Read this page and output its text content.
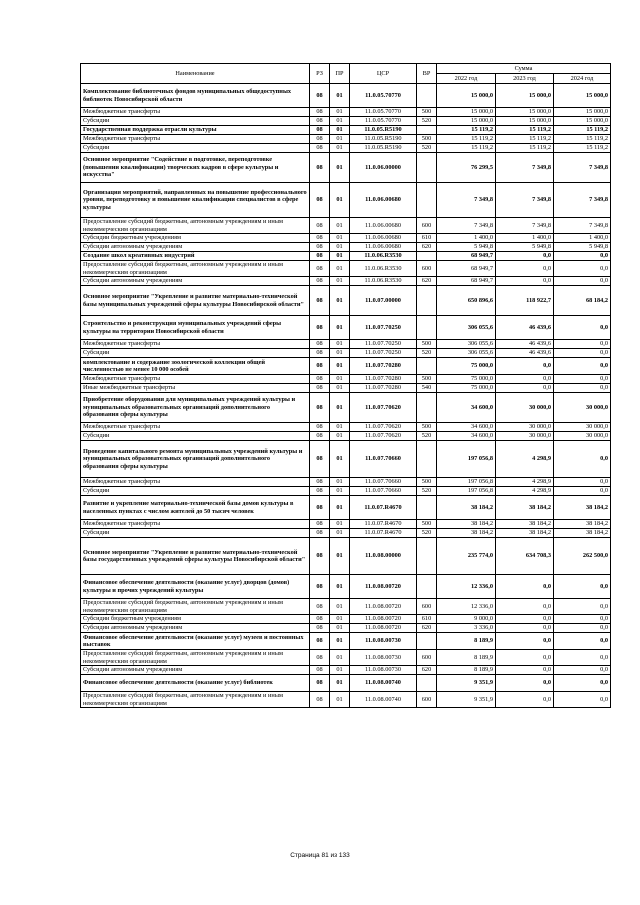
Наименование	РЗ	ПР	ЦСР	ВР	Сумма		
					2022 год	2023 год	2024 год
Комплектование библиотечных фондов муниципальных общедоступных библиотек Новосибирской области	08	01	11.0.05.70770		15 000,0	15 000,0	15 000,0
Межбюджетные трансферты	08	01	11.0.05.70770	500	15 000,0	15 000,0	15 000,0
Субсидии	08	01	11.0.05.70770	520	15 000,0	15 000,0	15 000,0
Государственная поддержка отрасли культуры	08	01	11.0.05.R5190		15 119,2	15 119,2	15 119,2
Межбюджетные трансферты	08	01	11.0.05.R5190	500	15 119,2	15 119,2	15 119,2
Субсидии	08	01	11.0.05.R5190	520	15 119,2	15 119,2	15 119,2
Основное мероприятие "Содействие в подготовке, переподготовке (повышении квалификации) творческих кадров в сфере культуры и искусства"	08	01	11.0.06.00000		76 299,5	7 349,8	7 349,8
Организация мероприятий, направленных на повышение профессионального уровня, переподготовку и повышение квалификации специалистов в сфере культуры	08	01	11.0.06.00680		7 349,8	7 349,8	7 349,8
Предоставление субсидий бюджетным, автономным учреждениям и иным некоммерческим организациям	08	01	11.0.06.00680	600	7 349,8	7 349,8	7 349,8
Субсидии бюджетным учреждениям	08	01	11.0.06.00680	610	1 400,0	1 400,0	1 400,0
Субсидии автономным учреждениям	08	01	11.0.06.00680	620	5 949,8	5 949,8	5 949,8
Создание школ креативных индустрий	08	01	11.0.06.R3530		68 949,7	0,0	0,0
Предоставление субсидий бюджетным, автономным учреждениям и иным некоммерческим организациям	08	01	11.0.06.R3530	600	68 949,7	0,0	0,0
Субсидии автономным учреждениям	08	01	11.0.06.R3530	620	68 949,7	0,0	0,0
Основное мероприятие "Укрепление и развитие материально-технической базы муниципальных учреждений сферы культуры Новосибирской области"	08	01	11.0.07.00000		650 896,6	118 922,7	68 184,2
Строительство и реконструкция муниципальных учреждений сферы культуры на территории Новосибирской области	08	01	11.0.07.70250		306 055,6	46 439,6	0,0
Межбюджетные трансферты	08	01	11.0.07.70250	500	306 055,6	46 439,6	0,0
Субсидии	08	01	11.0.07.70250	520	306 055,6	46 439,6	0,0
комплектование и содержание зоологической коллекции общей численностью не менее 10 000 особей	08	01	11.0.07.70280		75 000,0	0,0	0,0
Межбюджетные трансферты	08	01	11.0.07.70280	500	75 000,0	0,0	0,0
Иные межбюджетные трансферты	08	01	11.0.07.70280	540	75 000,0	0,0	0,0
Приобретение оборудования для муниципальных учреждений культуры и муниципальных образовательных организаций дополнительного образования сферы культуры	08	01	11.0.07.70620		34 600,0	30 000,0	30 000,0
Межбюджетные трансферты	08	01	11.0.07.70620	500	34 600,0	30 000,0	30 000,0
Субсидии	08	01	11.0.07.70620	520	34 600,0	30 000,0	30 000,0
Проведение капитального ремонта муниципальных учреждений культуры и муниципальных образовательных организаций дополнительного образования сферы культуры	08	01	11.0.07.70660		197 056,8	4 298,9	0,0
Межбюджетные трансферты	08	01	11.0.07.70660	500	197 056,8	4 298,9	0,0
Субсидии	08	01	11.0.07.70660	520	197 056,8	4 298,9	0,0
Развитие и укрепление материально-технической базы домов культуры в населенных пунктах с числом жителей до 50 тысяч человек	08	01	11.0.07.R4670		38 184,2	38 184,2	38 184,2
Межбюджетные трансферты	08	01	11.0.07.R4670	500	38 184,2	38 184,2	38 184,2
Субсидии	08	01	11.0.07.R4670	520	38 184,2	38 184,2	38 184,2
Основное мероприятие "Укрепление и развитие материально-технической базы государственных учреждений сферы культуры Новосибирской области"	08	01	11.0.08.00000		235 774,0	634 708,3	262 500,0
Финансовое обеспечение деятельности (оказание услуг) дворцов (домов) культуры и прочих учреждений культуры	08	01	11.0.08.00720		12 336,0	0,0	0,0
Предоставление субсидий бюджетным, автономным учреждениям и иным некоммерческим организациям	08	01	11.0.08.00720	600	12 336,0	0,0	0,0
Субсидии бюджетным учреждениям	08	01	11.0.08.00720	610	9 000,0	0,0	0,0
Субсидии автономным учреждениям	08	01	11.0.08.00720	620	3 336,0	0,0	0,0
Финансовое обеспечение деятельности (оказание услуг) музеев и постоянных выставок	08	01	11.0.08.00730		8 189,9	0,0	0,0
Предоставление субсидий бюджетным, автономным учреждениям и иным некоммерческим организациям	08	01	11.0.08.00730	600	8 189,9	0,0	0,0
Субсидии автономным учреждениям	08	01	11.0.08.00730	620	8 189,9	0,0	0,0
Финансовое обеспечение деятельности (оказание услуг) библиотек	08	01	11.0.08.00740		9 351,9	0,0	0,0
Предоставление субсидий бюджетным, автономным учреждениям и иным некоммерческим организациям	08	01	11.0.08.00740	600	9 351,9	0,0	0,0
Страница 81 из 133
